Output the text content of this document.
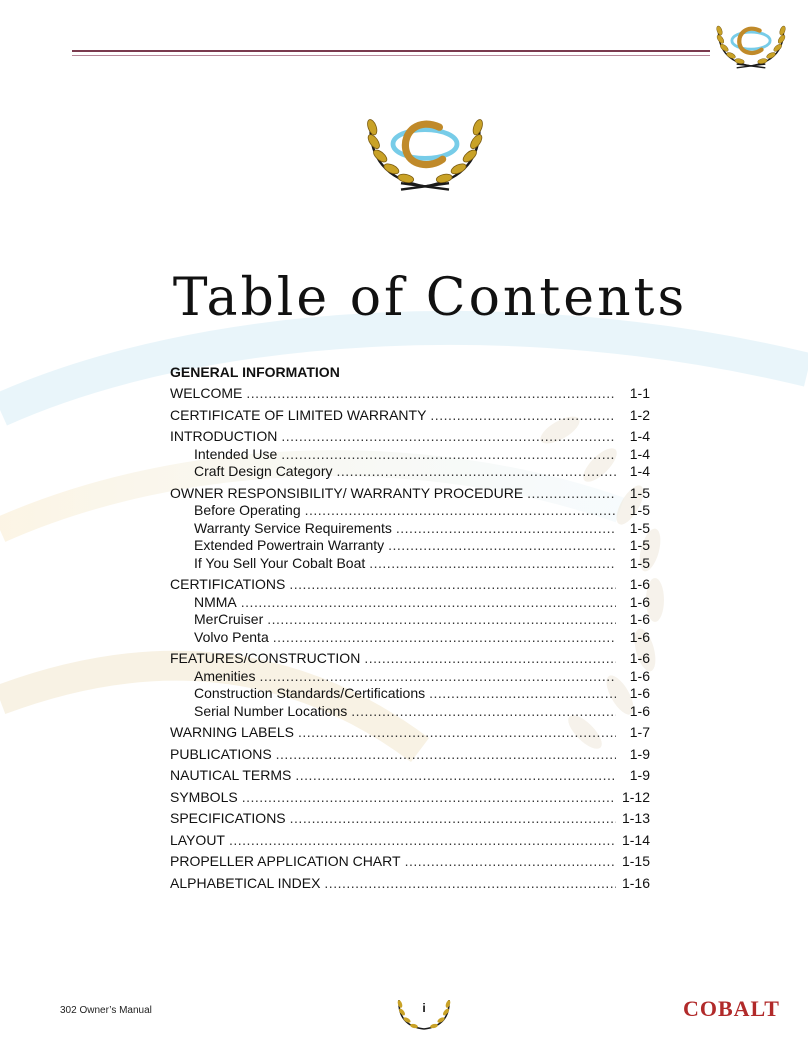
Table of Contents
GENERAL INFORMATION
WELCOME .....	1-1
CERTIFICATE OF LIMITED WARRANTY .....	1-2
INTRODUCTION .....	1-4
Intended Use .....	1-4
Craft Design Category .....	1-4
OWNER RESPONSIBILITY/ WARRANTY PROCEDURE .....	1-5
Before Operating .....	1-5
Warranty Service Requirements .....	1-5
Extended Powertrain Warranty .....	1-5
If You Sell Your Cobalt Boat .....	1-5
CERTIFICATIONS .....	1-6
NMMA .....	1-6
MerCruiser .....	1-6
Volvo Penta .....	1-6
FEATURES/CONSTRUCTION .....	1-6
Amenities .....	1-6
Construction Standards/Certifications .....	1-6
Serial Number Locations .....	1-6
WARNING LABELS .....	1-7
PUBLICATIONS .....	1-9
NAUTICAL TERMS .....	1-9
SYMBOLS .....	1-12
SPECIFICATIONS .....	1-13
LAYOUT .....	1-14
PROPELLER APPLICATION CHART .....	1-15
ALPHABETICAL INDEX .....	1-16
302 Owner’s Manual	i	COBALT
